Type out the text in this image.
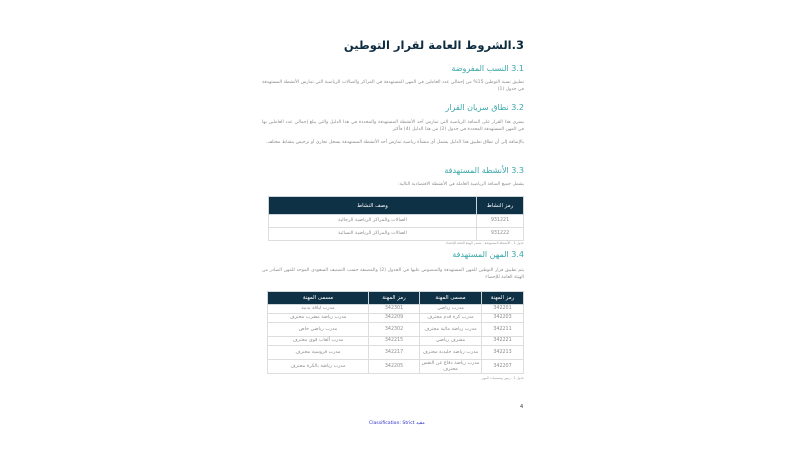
3.الشروط العامة لقرار التوطين
3.1 النسب المفروضة
تطبيق نسبة التوطين 15% من إجمالي عدد العاملين في المهن المستهدفة في المراكز والصالات الرياضية التي تمارس الأنشطة المستهدفة في جدول (1)
3.2 نطاق سريان القرار
يسري هذا القرار على المنافذ الرياضية التي تمارس أحد الأنشطة المستهدفة والمحددة في هذا الدليل والتي يبلغ إجمالي عدد العاملين بها في المهن المستهدفة المحددة في جدول (2) من هذا الدليل (4) فأكثر
بالإضافة إلى أن نطاق تطبيق هذا الدليل يشمل أي منشأة رياضية تمارس أحد الأنشطة المستهدفة بسجل تجاري أو ترخيص بنشاط مختلف.
3.3 الأنشطة المستهدفة
يشمل جميع المنافذ الرياضية العاملة في الأنشطة الاقتصادية التالية:
رمز النشاط	وصف النشاط
931221	الصالات والمراكز الرياضية الرجالية
931222	الصالات والمراكز الرياضية النسائية
جدول 1 - الأنشطة المستهدفة - مصدر الهيئة العامة للإحصاء
3.4 المهن المستهدفة
يتم تطبيق قرار التوطين للمهن المستهدفة والمنصوص عليها في الجدول (2) والمصنفة حسب التصنيف السعودي الموحد للمهن الصادر من الهيئة العامة للإحصاء
رمز المهنة	مسمى المهنة	رمز المهنة	مسمى المهنة
342201	مدرب رياضي	342301	مدرب لياقة بدنية
342203	مدرب كرة قدم محترف	342209	مدرب رياضة مضرب محترف
342211	مدرب رياضة مائية محترف	342302	مدرب رياضي خاص
342221	مشرف رياضي	342215	مدرب ألعاب قوى محترف
342213	مدرب رياضة جليدية محترف	342217	مدرب فروسية محترف
342207	مدرب رياضة دفاع عن النفس محترف	342205	مدرب رياضة بالكرة محترف
جدول 2 - رموز ومسميات المهن
4
Classification: Strict مقيد
